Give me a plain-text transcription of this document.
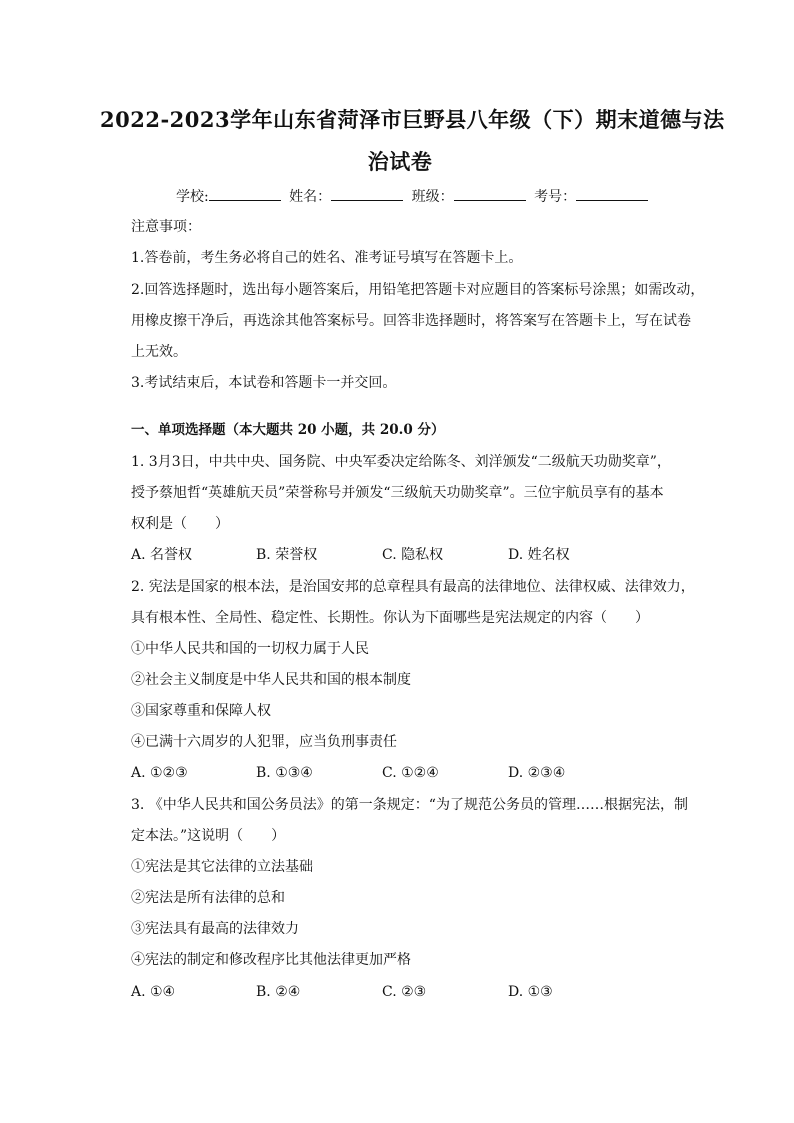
2022-2023学年山东省菏泽市巨野县八年级（下）期末道德与法
治试卷
学校:	姓名：	班级：	考号：
注意事项：
1.答卷前，考生务必将自己的姓名、准考证号填写在答题卡上。
2.回答选择题时，选出每小题答案后，用铅笔把答题卡对应题目的答案标号涂黑；如需改动，
用橡皮擦干净后，再选涂其他答案标号。回答非选择题时，将答案写在答题卡上，写在试卷
上无效。
3.考试结束后，本试卷和答题卡一并交回。
一、单项选择题（本大题共 20 小题，共 20.0 分）
1. 3月3日，中共中央、国务院、中央军委决定给陈冬、刘洋颁发“二级航天功勋奖章”，
授予蔡旭哲“英雄航天员”荣誉称号并颁发“三级航天功勋奖章”。三位宇航员享有的基本
权利是（　　）
A. 名誉权	B. 荣誉权	C. 隐私权	D. 姓名权
2. 宪法是国家的根本法，是治国安邦的总章程具有最高的法律地位、法律权威、法律效力，
具有根本性、全局性、稳定性、长期性。你认为下面哪些是宪法规定的内容（　　）
①中华人民共和国的一切权力属于人民
②社会主义制度是中华人民共和国的根本制度
③国家尊重和保障人权
④已满十六周岁的人犯罪，应当负刑事责任
A. ①②③	B. ①③④	C. ①②④	D. ②③④
3. 《中华人民共和国公务员法》的第一条规定：“为了规范公务员的管理……根据宪法，制
定本法。”这说明（　　）
①宪法是其它法律的立法基础
②宪法是所有法律的总和
③宪法具有最高的法律效力
④宪法的制定和修改程序比其他法律更加严格
A. ①④	B. ②④	C. ②③	D. ①③
